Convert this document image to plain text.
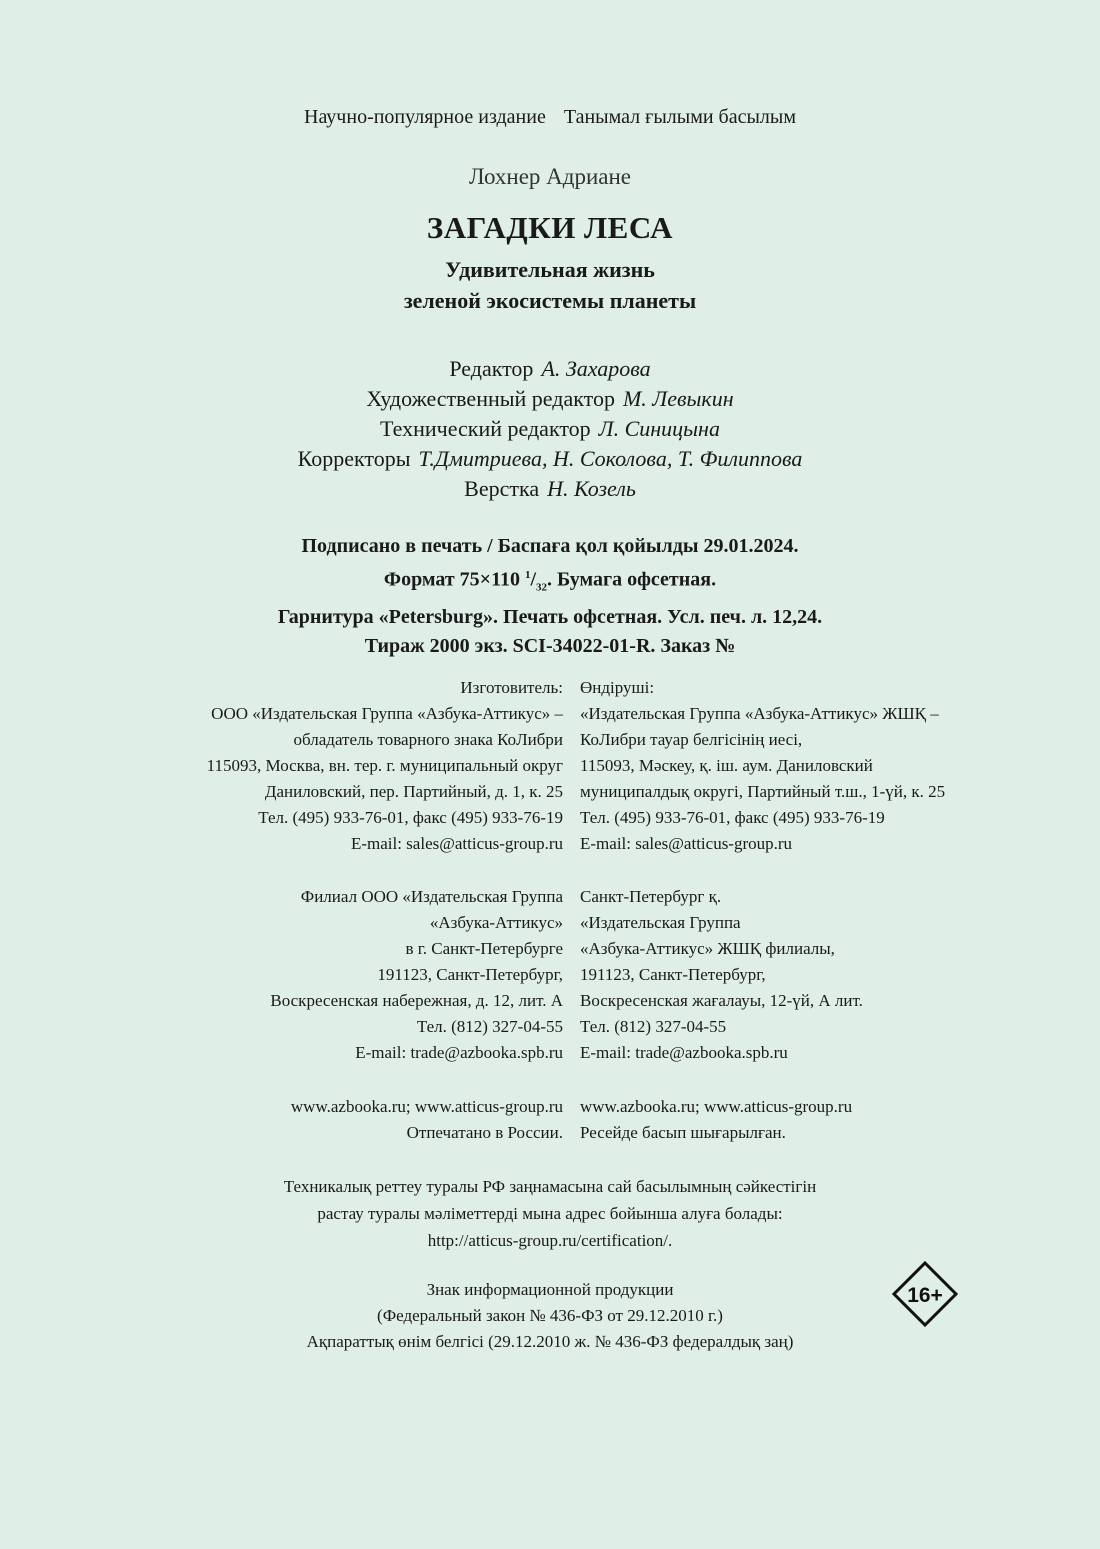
Научно-популярное издание Танымал ғылыми басылым
Лохнер Адриане
ЗАГАДКИ ЛЕСА
Удивительная жизнь
зеленой экосистемы планеты
Редактор А. Захарова
Художественный редактор М. Левыкин
Технический редактор Л. Синицына
Корректоры Т.Дмитриева, Н. Соколова, Т. Филиппова
Верстка Н. Козель
Подписано в печать / Баспаға қол қойылды 29.01.2024.
Формат 75×110 $^1/_{32}$. Бумага офсетная.
Гарнитура «Petersburg». Печать офсетная. Усл. печ. л. 12,24.
Тираж 2000 экз. SCI-34022-01-R. Заказ №
Изготовитель:
ООО «Издательская Группа «Азбука-Аттикус» –
обладатель товарного знака КоЛибри
115093, Москва, вн. тер. г. муниципальный округ
Даниловский, пер. Партийный, д. 1, к. 25
Тел. (495) 933-76-01, факс (495) 933-76-19
E-mail: sales@atticus-group.ru
Өндіруші:
«Издательская Группа «Азбука-Аттикус» ЖШҚ –
КоЛибри тауар белгісінің иесі,
115093, Мәскеу, қ. іш. аум. Даниловский
муниципалдық округі, Партийный т.ш., 1-үй, к. 25
Тел. (495) 933-76-01, факс (495) 933-76-19
E-mail: sales@atticus-group.ru
Филиал ООО «Издательская Группа
«Азбука-Аттикус»
в г. Санкт-Петербурге
191123, Санкт-Петербург,
Воскресенская набережная, д. 12, лит. А
Тел. (812) 327-04-55
E-mail: trade@azbooka.spb.ru
Санкт-Петербург қ.
«Издательская Группа
«Азбука-Аттикус» ЖШҚ филиалы,
191123, Санкт-Петербург,
Воскресенская жағалауы, 12-үй, А лит.
Тел. (812) 327-04-55
E-mail: trade@azbooka.spb.ru
www.azbooka.ru; www.atticus-group.ru
Отпечатано в России.
www.azbooka.ru; www.atticus-group.ru
Ресейде басып шығарылған.
Техникалық реттеу туралы РФ заңнамасына сай басылымның сәйкестігін
растау туралы мәліметтерді мына адрес бойынша алуға болады:
http://atticus-group.ru/certification/.
Знак информационной продукции
(Федеральный закон № 436-ФЗ от 29.12.2010 г.)
Ақпараттық өнім белгісі (29.12.2010 ж. № 436-ФЗ федералдық заң)
16+
